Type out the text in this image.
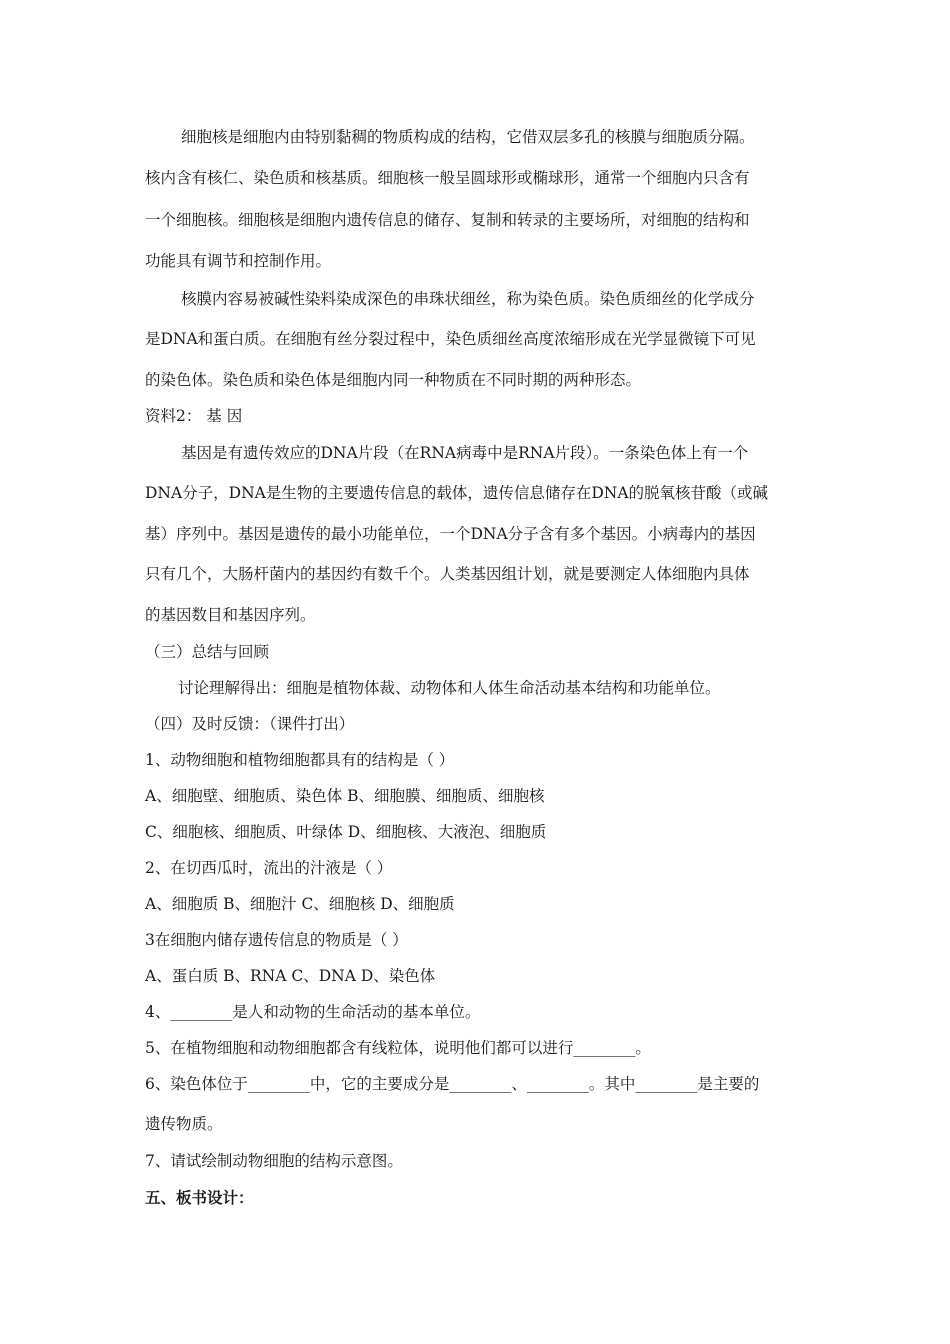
细胞核是细胞内由特别黏稠的物质构成的结构，它借双层多孔的核膜与细胞质分隔。
核内含有核仁、染色质和核基质。细胞核一般呈圆球形或椭球形，通常一个细胞内只含有
一个细胞核。细胞核是细胞内遗传信息的储存、复制和转录的主要场所，对细胞的结构和
功能具有调节和控制作用。
核膜内容易被碱性染料染成深色的串珠状细丝，称为染色质。染色质细丝的化学成分
是DNA和蛋白质。在细胞有丝分裂过程中，染色质细丝高度浓缩形成在光学显微镜下可见
的染色体。染色质和染色体是细胞内同一种物质在不同时期的两种形态。
资料2： 基 因
基因是有遗传效应的DNA片段（在RNA病毒中是RNA片段）。一条染色体上有一个
DNA分子，DNA是生物的主要遗传信息的载体，遗传信息储存在DNA的脱氧核苷酸（或碱
基）序列中。基因是遗传的最小功能单位，一个DNA分子含有多个基因。小病毒内的基因
只有几个，大肠杆菌内的基因约有数千个。人类基因组计划，就是要测定人体细胞内具体
的基因数目和基因序列。
（三）总结与回顾
讨论理解得出：细胞是植物体裁、动物体和人体生命活动基本结构和功能单位。
（四）及时反馈：（课件打出）
1、动物细胞和植物细胞都具有的结构是（ ）
A、细胞壁、细胞质、染色体 B、细胞膜、细胞质、细胞核
C、细胞核、细胞质、叶绿体 D、细胞核、大液泡、细胞质
2、在切西瓜时，流出的汁液是（ ）
A、细胞质 B、细胞汁 C、细胞核 D、细胞质
3在细胞内储存遗传信息的物质是（ ）
A、蛋白质 B、RNA C、DNA D、染色体
4、________是人和动物的生命活动的基本单位。
5、在植物细胞和动物细胞都含有线粒体，说明他们都可以进行________。
6、染色体位于________中，它的主要成分是________、________。其中________是主要的
遗传物质。
7、请试绘制动物细胞的结构示意图。
五、板书设计：
